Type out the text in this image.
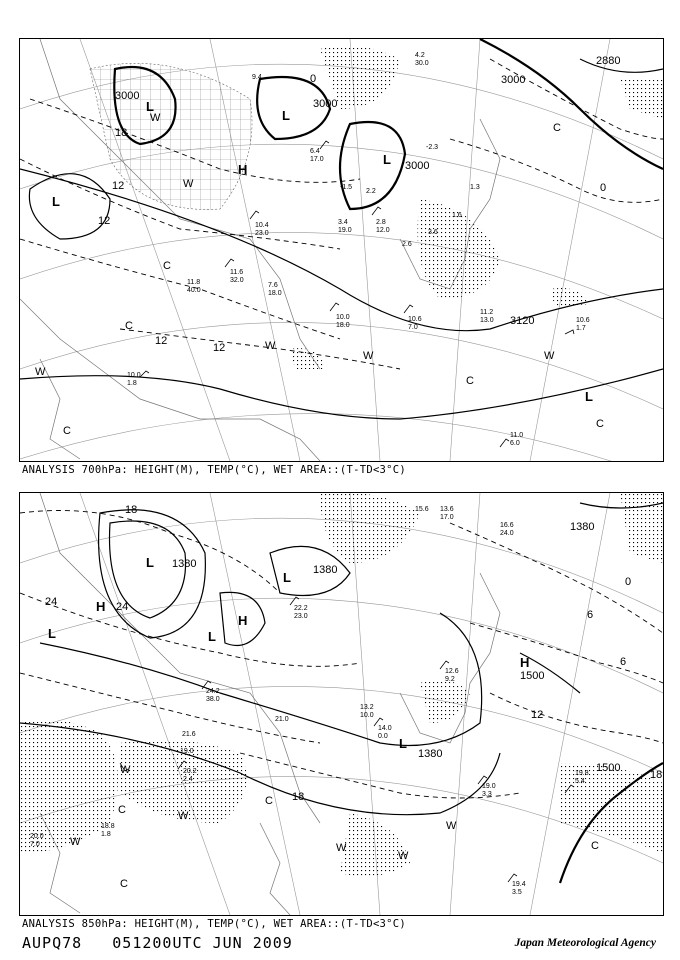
3000
3000
3000
3000
2880
3120
12
12
12
12
18
0
0
L
L
L
L
H
L
W
W
W
W	W
W
C
C
C
C
C
C
4.2
30.0
9.4
6.4
17.0
2.8
12.0
3.4
19.0
2.2
1.6
10.4
23.0
11.6
32.0
7.6
18.0
11.8
40.0
10.0
18.0
10.6
7.0
11.2
13.0	10.6
1.7
11.0
6.0
10.0
1.8
-2.3
-1.5	1.3
3.6
2.6
ANALYSIS 700hPa: HEIGHT(M), TEMP(°C), WET AREA::(T-TD<3°C)
1380	1380
1380
1380
1500
1500
24	24
18
18
18
12
6
6
0
L
L
L
L
H
H
H
L
W
W	W
W
W
W
C
C
C
C
15.6 13.6
17.0
16.6
24.0
22.2
23.0
24.2
38.0
21.6
19.0
20.2
2.4
18.8
1.8
19.4
3.5
12.6
9.2
14.0
0.0
13.2
10.0
19.0
3.3
19.8
5.4
20.0
7.0
21.0
ANALYSIS 850hPa: HEIGHT(M), TEMP(°C), WET AREA::(T-TD<3°C)
AUPQ78   051200UTC JUN 2009	Japan Meteorological Agency
